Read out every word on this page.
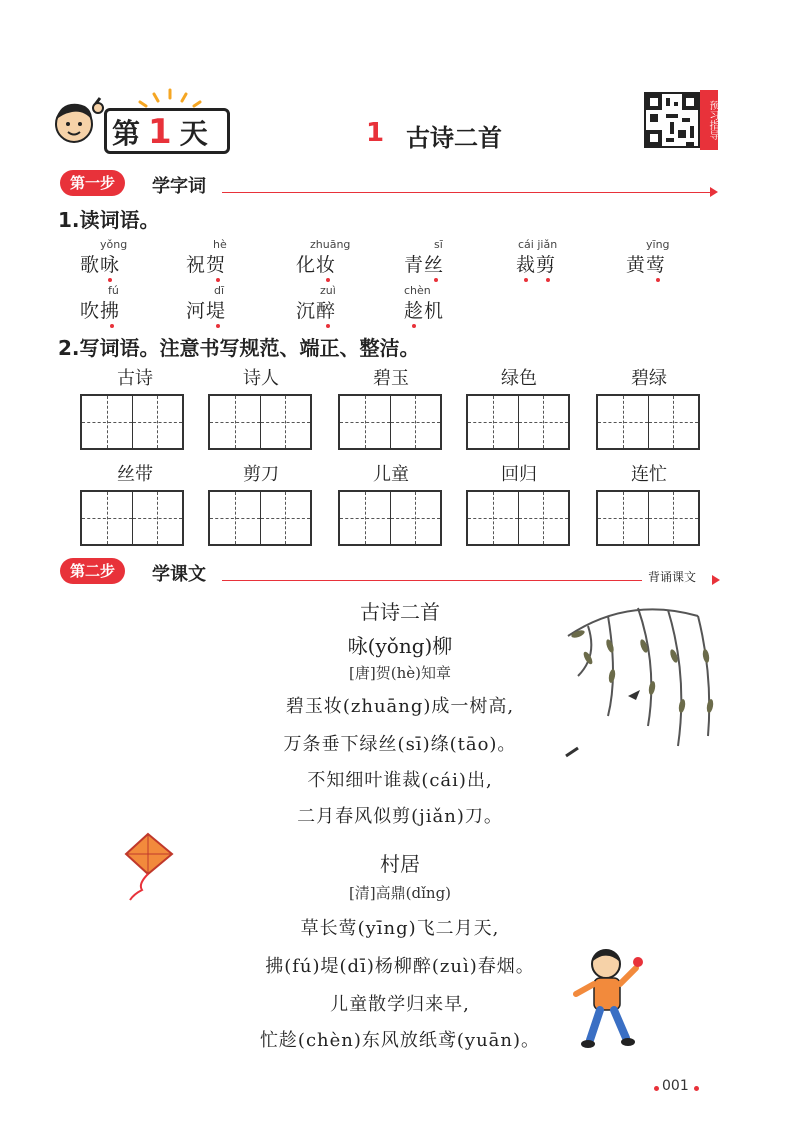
第 1 天	1 古诗二首	预习指导
第一步	学字词
1.读词语。
yǒng
歌咏
hè
祝贺
zhuāng
化妆
sī
青丝
cái jiǎn
裁剪
yīng
黄莺
fú
吹拂
dī
河堤
zuì
沉醉
chèn
趁机
2.写词语。注意书写规范、端正、整洁。
古诗	诗人	碧玉	绿色	碧绿
丝带	剪刀	儿童	回归	连忙
第二步	学课文	背诵课文
古诗二首
咏(yǒng)柳
[唐]贺(hè)知章
碧玉妆(zhuāng)成一树高,
万条垂下绿丝(sī)绦(tāo)。
不知细叶谁裁(cái)出,
二月春风似剪(jiǎn)刀。
村居
[清]高鼎(dǐng)
草长莺(yīng)飞二月天,
拂(fú)堤(dī)杨柳醉(zuì)春烟。
儿童散学归来早,
忙趁(chèn)东风放纸鸢(yuān)。
001
